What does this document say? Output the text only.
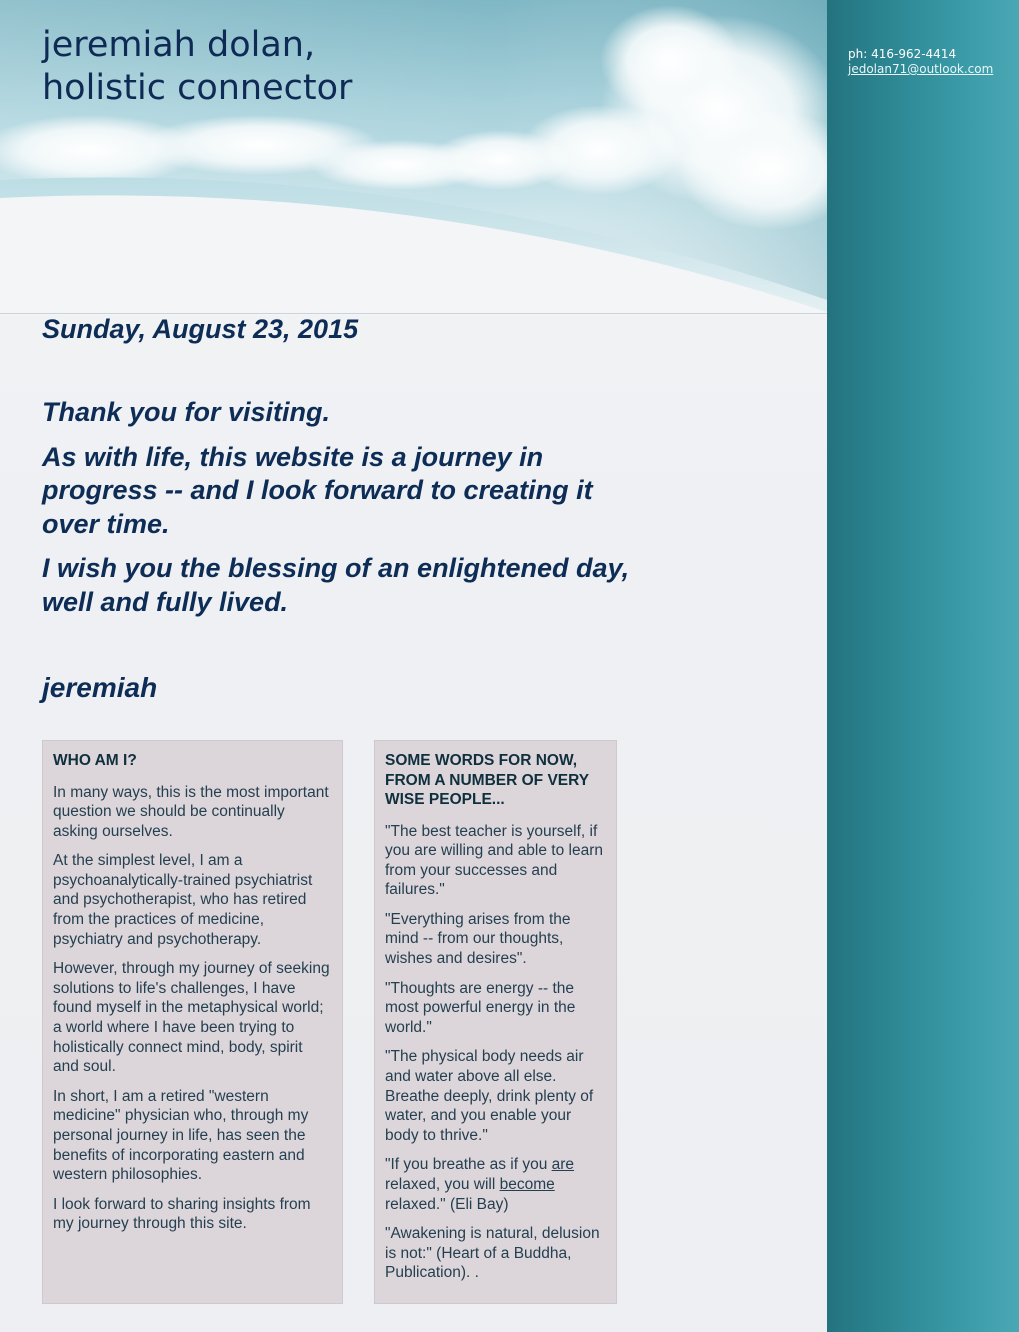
jeremiah dolan,
holistic connector
Sunday, August 23, 2015

Thank you for visiting.

As with life, this website is a journey in progress -- and I look forward to creating it over time.

I wish you the blessing of an enlightened day, well and fully lived.

jeremiah
WHO AM I?

In many ways, this is the most important question we should be continually asking ourselves.

At the simplest level, I am a psychoanalytically-trained psychiatrist and psychotherapist, who has retired from the practices of medicine, psychiatry and psychotherapy.

However, through my journey of seeking solutions to life's challenges, I have found myself in the metaphysical world; a world where I have been trying to holistically connect mind, body, spirit and soul.

In short, I am a retired "western medicine" physician who, through my personal journey in life, has seen the benefits of incorporating eastern and western philosophies.

I look forward to sharing insights from my journey through this site.

SOME WORDS FOR NOW, FROM A NUMBER OF VERY WISE PEOPLE...

"The best teacher is yourself, if you are willing and able to learn from your successes and failures."

"Everything arises from the mind -- from our thoughts, wishes and desires".

"Thoughts are energy -- the most powerful energy in the world."

"The physical body needs air and water above all else. Breathe deeply, drink plenty of water, and you enable your body to thrive."

"If you breathe as if you are relaxed, you will become relaxed." (Eli Bay)

"Awakening is natural, delusion is not:" (Heart of a Buddha, Publication). .

ph: 416-962-4414
jedolan71@outlook.com
